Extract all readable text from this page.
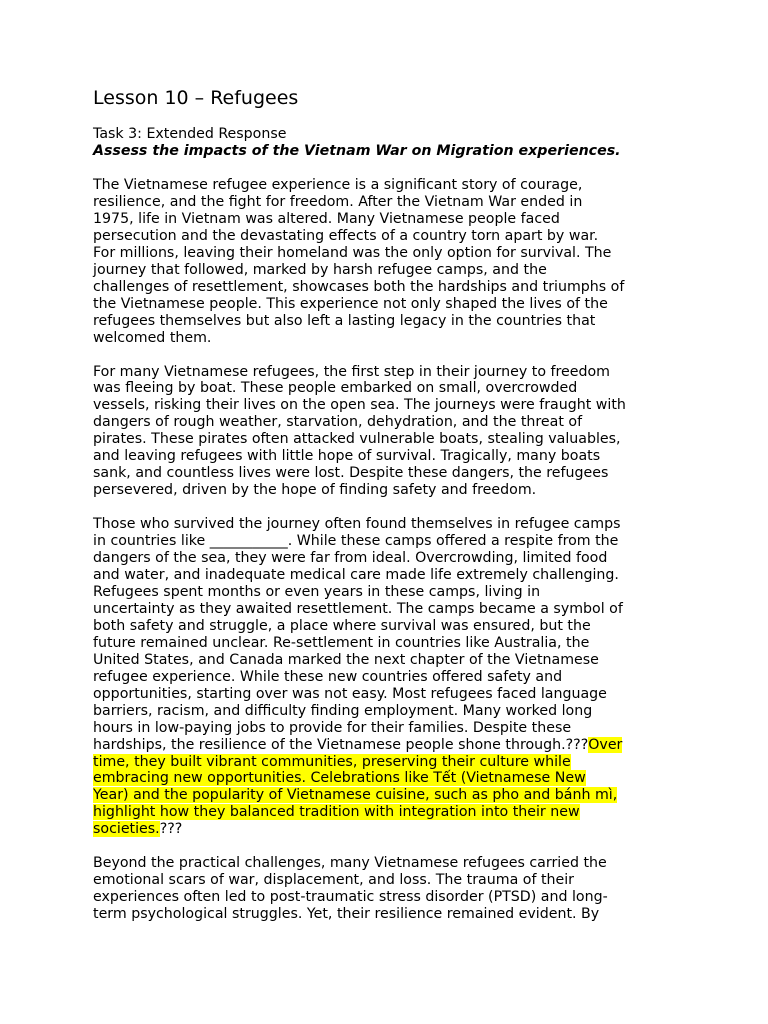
Lesson 10 – Refugees
Task 3: Extended Response
Assess the impacts of the Vietnam War on Migration experiences.
The Vietnamese refugee experience is a significant story of courage,
resilience, and the fight for freedom. After the Vietnam War ended in
1975, life in Vietnam was altered. Many Vietnamese people faced
persecution and the devastating effects of a country torn apart by war.
For millions, leaving their homeland was the only option for survival. The
journey that followed, marked by harsh refugee camps, and the
challenges of resettlement, showcases both the hardships and triumphs of
the Vietnamese people. This experience not only shaped the lives of the
refugees themselves but also left a lasting legacy in the countries that
welcomed them.
For many Vietnamese refugees, the first step in their journey to freedom
was fleeing by boat. These people embarked on small, overcrowded
vessels, risking their lives on the open sea. The journeys were fraught with
dangers of rough weather, starvation, dehydration, and the threat of
pirates. These pirates often attacked vulnerable boats, stealing valuables,
and leaving refugees with little hope of survival. Tragically, many boats
sank, and countless lives were lost. Despite these dangers, the refugees
persevered, driven by the hope of finding safety and freedom.
Those who survived the journey often found themselves in refugee camps
in countries like ___________. While these camps offered a respite from the
dangers of the sea, they were far from ideal. Overcrowding, limited food
and water, and inadequate medical care made life extremely challenging.
Refugees spent months or even years in these camps, living in
uncertainty as they awaited resettlement. The camps became a symbol of
both safety and struggle, a place where survival was ensured, but the
future remained unclear. Re-settlement in countries like Australia, the
United States, and Canada marked the next chapter of the Vietnamese
refugee experience. While these new countries offered safety and
opportunities, starting over was not easy. Most refugees faced language
barriers, racism, and difficulty finding employment. Many worked long
hours in low-paying jobs to provide for their families. Despite these
hardships, the resilience of the Vietnamese people shone through.???Over
time, they built vibrant communities, preserving their culture while
embracing new opportunities. Celebrations like Tết (Vietnamese New
Year) and the popularity of Vietnamese cuisine, such as pho and bánh mì,
highlight how they balanced tradition with integration into their new
societies.???
Beyond the practical challenges, many Vietnamese refugees carried the
emotional scars of war, displacement, and loss. The trauma of their
experiences often led to post-traumatic stress disorder (PTSD) and long-
term psychological struggles. Yet, their resilience remained evident. By
